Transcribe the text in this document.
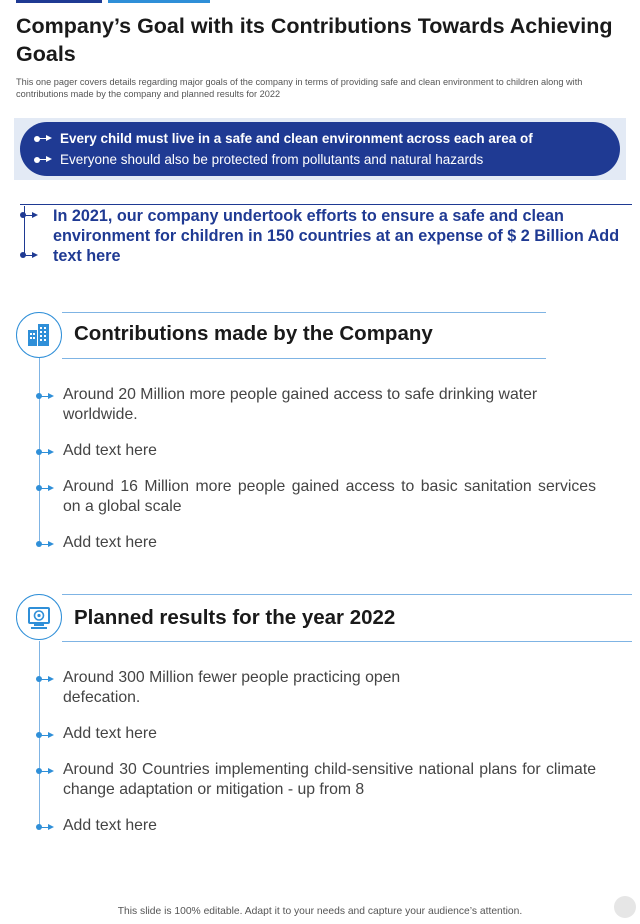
Company’s Goal with its Contributions Towards Achieving Goals

This one pager covers details regarding major goals of the company in terms of providing safe and clean environment to children along with contributions made by the company and planned results for 2022

Every child must live in a safe and clean environment across each area of
Everyone should also be protected from pollutants and natural hazards

In 2021, our company undertook efforts to ensure a safe and clean environment for children in 150 countries at an expense of $ 2 Billion Add text here

Contributions made by the Company

Around 20 Million more people gained access to safe drinking water worldwide.

Add text here

Around 16 Million more people gained access to basic sanitation services on a global scale

Add text here

Planned results for the year 2022

Around 300 Million fewer people practicing open defecation.

Add text here

Around 30 Countries implementing child-sensitive national plans for climate change adaptation or mitigation - up from 8

Add text here

This slide is 100% editable. Adapt it to your needs and capture your audience’s attention.
